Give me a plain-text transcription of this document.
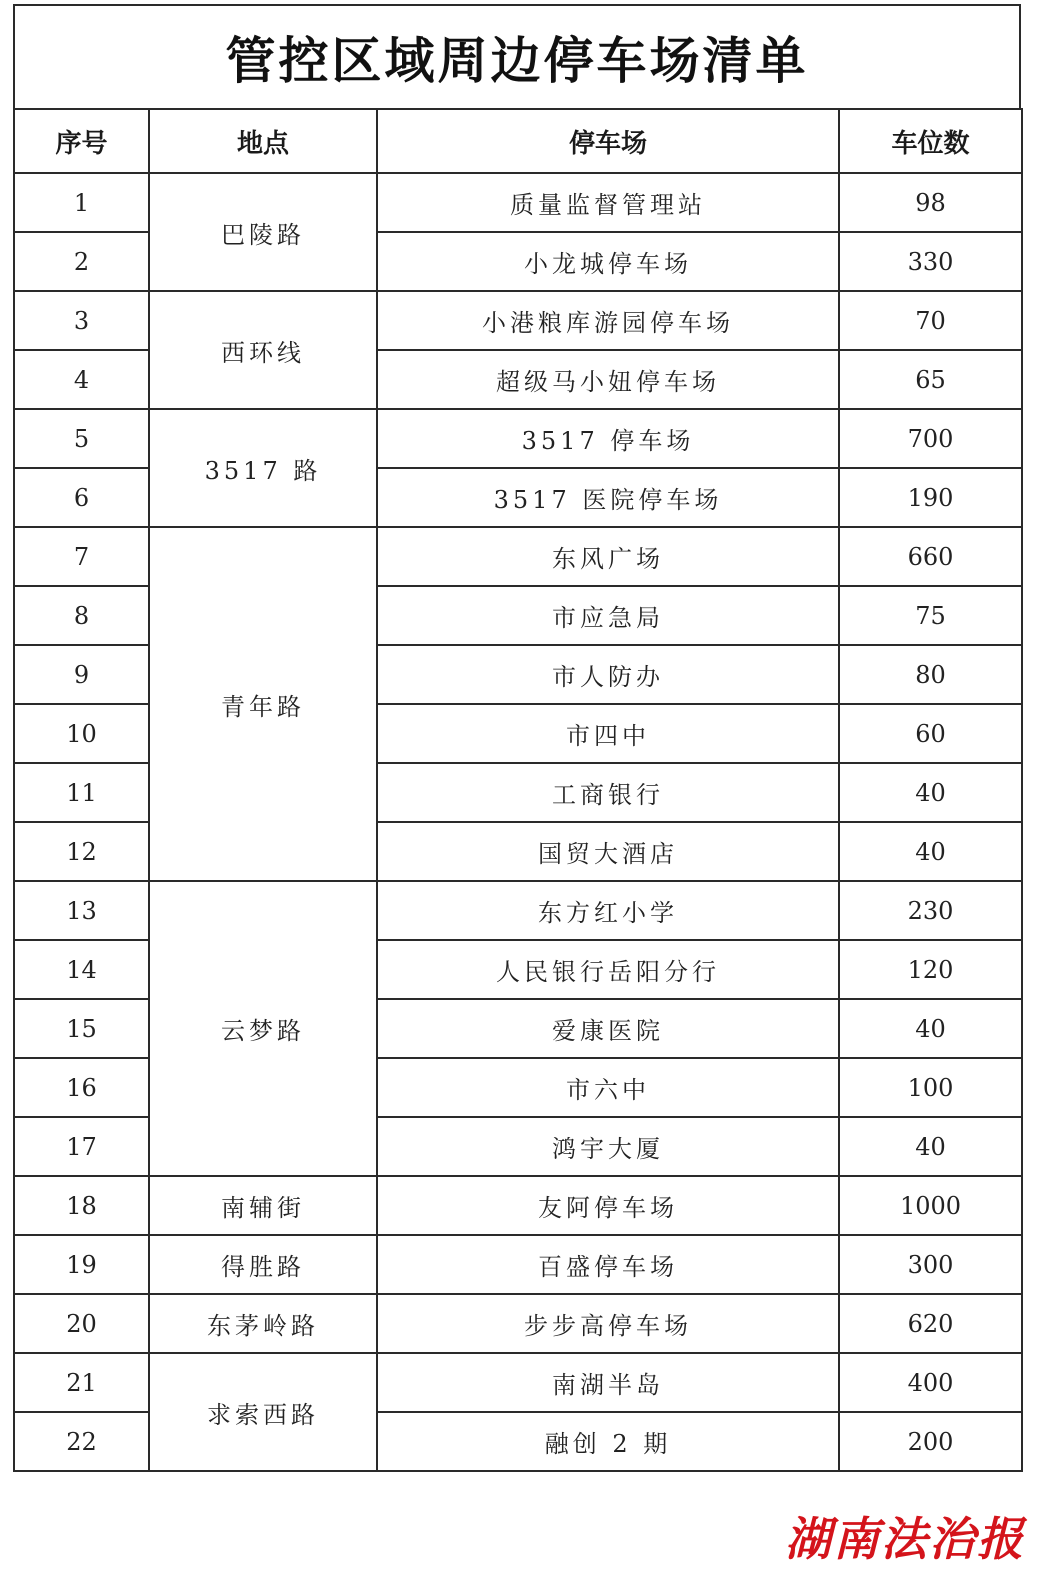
管控区域周边停车场清单
序号	地点	停车场	车位数
1	巴陵路	质量监督管理站	98
2		小龙城停车场	330
3	西环线	小港粮库游园停车场	70
4		超级马小妞停车场	65
5	3517 路	3517 停车场	700
6		3517 医院停车场	190
7	青年路	东风广场	660
8		市应急局	75
9		市人防办	80
10		市四中	60
11		工商银行	40
12		国贸大酒店	40
13	云梦路	东方红小学	230
14		人民银行岳阳分行	120
15		爱康医院	40
16		市六中	100
17		鸿宇大厦	40
18	南辅街	友阿停车场	1000
19	得胜路	百盛停车场	300
20	东茅岭路	步步高停车场	620
21	求索西路	南湖半岛	400
22		融创 2 期	200
湖南法治报
